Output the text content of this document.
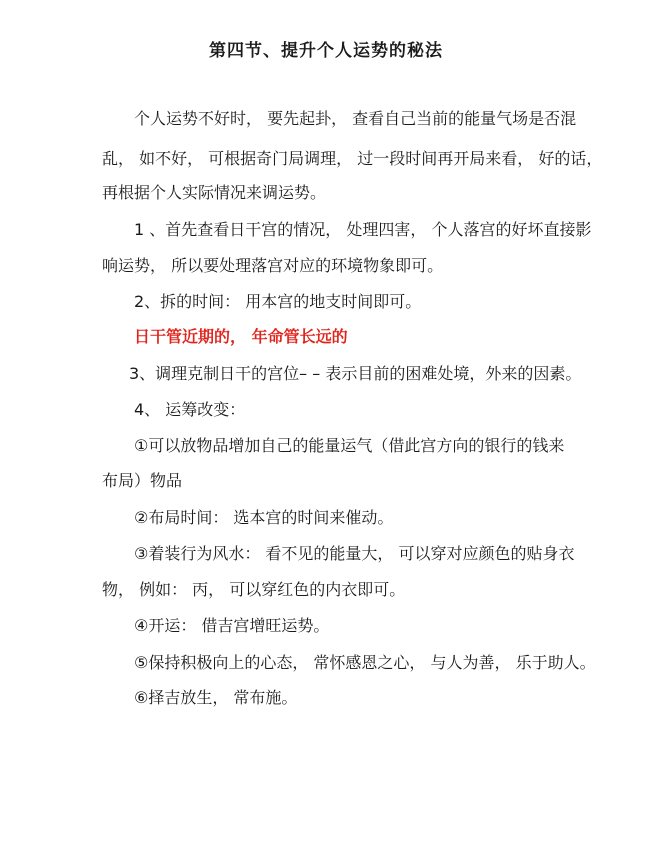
第四节、提升个人运势的秘法
个人运势不好时， 要先起卦， 查看自己当前的能量气场是否混
乱， 如不好， 可根据奇门局调理， 过一段时间再开局来看， 好的话，
再根据个人实际情况来调运势。
1 、首先查看日干宫的情况， 处理四害， 个人落宫的好坏直接影
响运势， 所以要处理落宫对应的环境物象即可。
2、拆的时间： 用本宫的地支时间即可。
日干管近期的， 年命管长远的
3、调理克制日干的宫位– – 表示目前的困难处境，外来的因素。
4、 运筹改变：
①可以放物品增加自己的能量运气（借此宫方向的银行的钱来
布局）物品
②布局时间： 选本宫的时间来催动。
③着装行为风水： 看不见的能量大， 可以穿对应颜色的贴身衣
物， 例如： 丙， 可以穿红色的内衣即可。
④开运： 借吉宫增旺运势。
⑤保持积极向上的心态， 常怀感恩之心， 与人为善， 乐于助人。
⑥择吉放生， 常布施。
